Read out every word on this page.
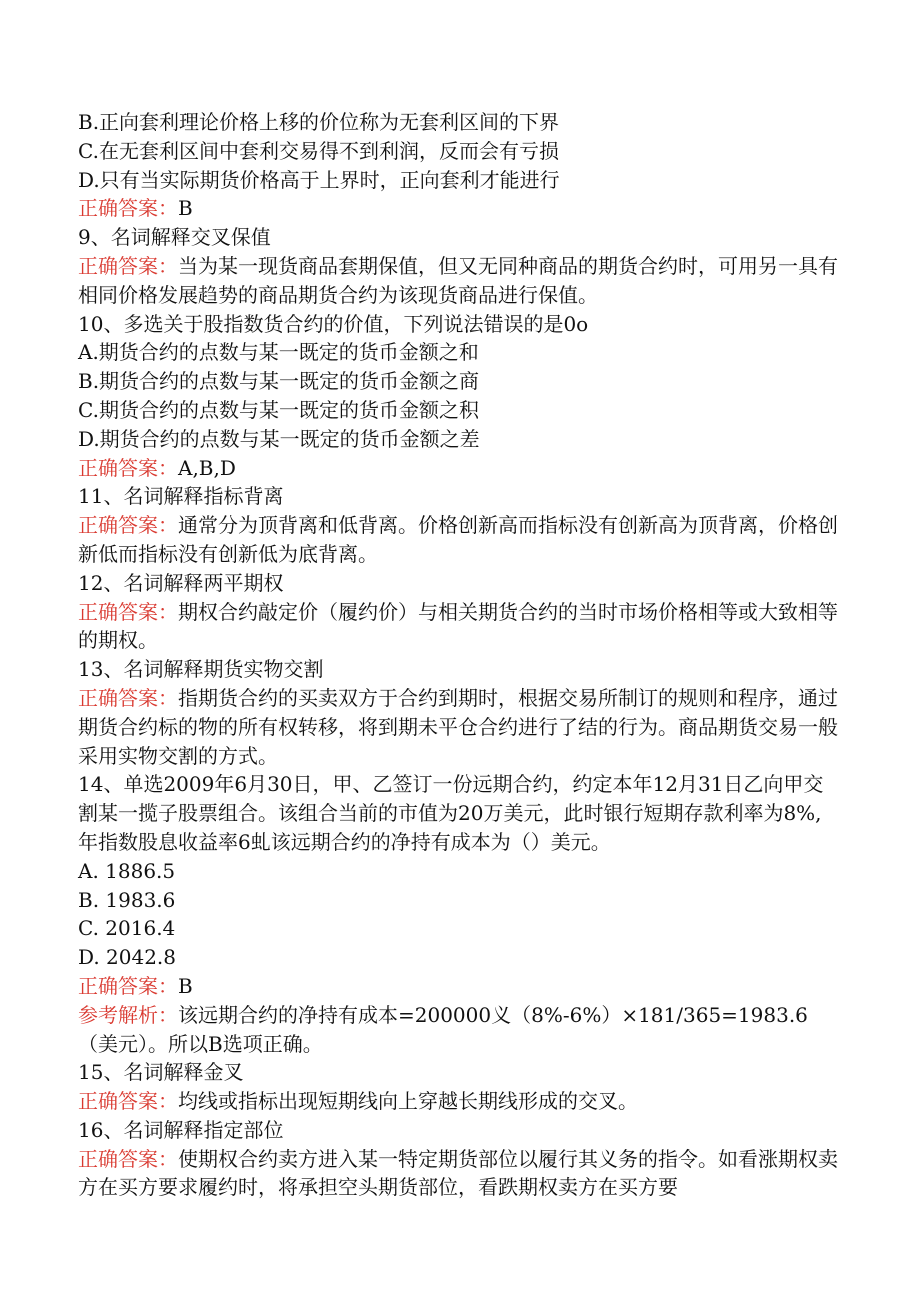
B.正向套利理论价格上移的价位称为无套利区间的下界

C.在无套利区间中套利交易得不到利润，反而会有亏损

D.只有当实际期货价格高于上界时，正向套利才能进行

正确答案：B

9、名词解释交叉保值

正确答案：当为某一现货商品套期保值，但又无同种商品的期货合约时，可用另一具有相同价格发展趋势的商品期货合约为该现货商品进行保值。

10、多选关于股指数货合约的价值，下列说法错误的是0o

A.期货合约的点数与某一既定的货币金额之和

B.期货合约的点数与某一既定的货币金额之商

C.期货合约的点数与某一既定的货币金额之积

D.期货合约的点数与某一既定的货币金额之差

正确答案：A,B,D

11、名词解释指标背离

正确答案：通常分为顶背离和低背离。价格创新高而指标没有创新高为顶背离，价格创新低而指标没有创新低为底背离。

12、名词解释两平期权

正确答案：期权合约敲定价（履约价）与相关期货合约的当时市场价格相等或大致相等的期权。

13、名词解释期货实物交割

正确答案：指期货合约的买卖双方于合约到期时，根据交易所制订的规则和程序，通过期货合约标的物的所有权转移，将到期未平仓合约进行了结的行为。商品期货交易一般采用实物交割的方式。

14、单选2009年6月30日，甲、乙签订一份远期合约，约定本年12月31日乙向甲交割某一揽子股票组合。该组合当前的市值为20万美元，此时银行短期存款利率为8%,年指数股息收益率6虬该远期合约的净持有成本为（）美元。

A. 1886.5

B. 1983.6

C. 2016.4

D. 2042.8

正确答案：B

参考解析：该远期合约的净持有成本=200000义（8%-6%）×181/365=1983.6（美元）。所以B选项正确。

15、名词解释金叉

正确答案：均线或指标出现短期线向上穿越长期线形成的交叉。

16、名词解释指定部位

正确答案：使期权合约卖方进入某一特定期货部位以履行其义务的指令。如看涨期权卖方在买方要求履约时，将承担空头期货部位，看跌期权卖方在买方要
